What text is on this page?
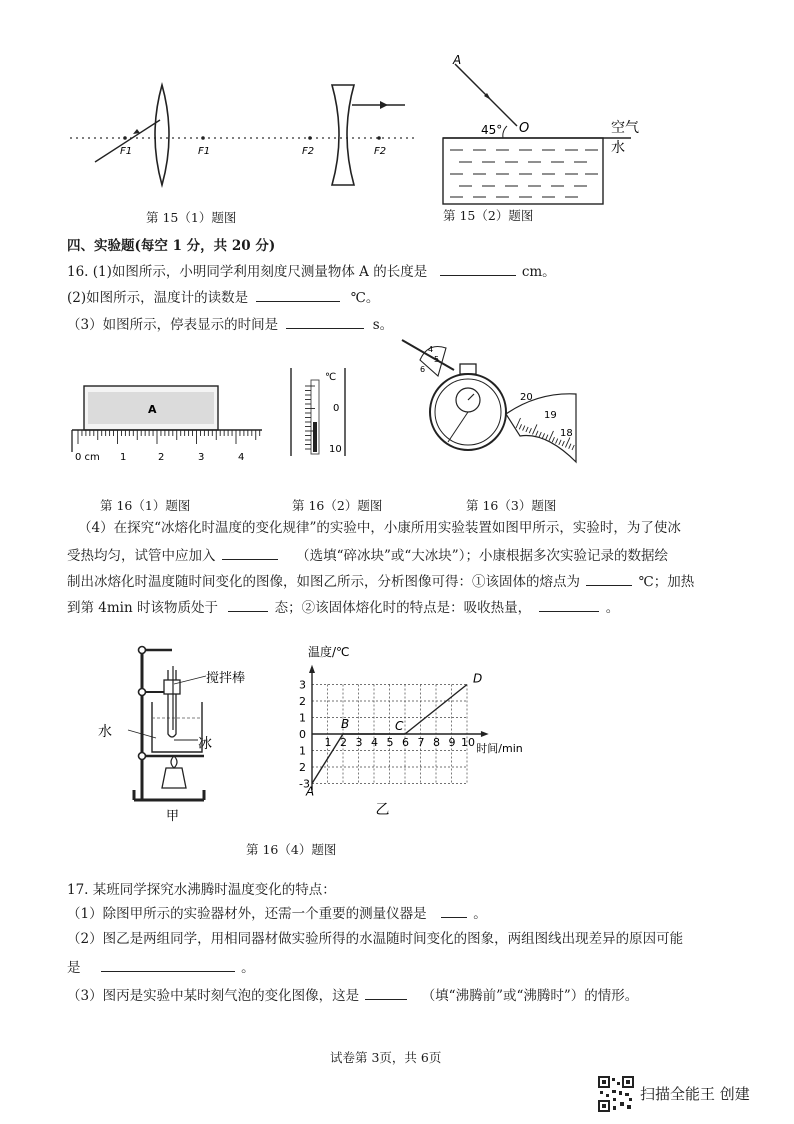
F1	F1	F2	F2
第 15（1）题图
A
45° O	空气
水
第 15（2）题图
四、实验题(每空 1 分，共 20 分)
16. (1)如图所示，小明同学利用刻度尺测量物体 A 的长度是	cm。
(2)如图所示，温度计的读数是	℃。
（3）如图所示，停表显示的时间是	s。
A
0 cm 1	2	3	4
℃
0
10
4
5
6
20
19
18
第 16（1）题图	第 16（2）题图	第 16（3）题图
（4）在探究“冰熔化时温度的变化规律”的实验中，小康所用实验装置如图甲所示，实验时，为了使冰
受热均匀，试管中应加入	（选填“碎冰块”或“大冰块”）；小康根据多次实验记录的数据绘
制出冰熔化时温度随时间变化的图像，如图乙所示，分析图像可得：①该固体的熔点为	℃；加热
到第 4min 时该物质处于	态；②该固体熔化时的特点是：吸收热量，	。
搅拌棒
水
冰
甲
1 2 3 4 5 6 7 8 9 10
3
2
1
1
2
-3
0
A
B	C
D
温度/℃
时间/min
乙
第 16（4）题图
17. 某班同学探究水沸腾时温度变化的特点：
（1）除图甲所示的实验器材外，还需一个重要的测量仪器是	。
（2）图乙是两组同学，用相同器材做实验所得的水温随时间变化的图象，两组图线出现差异的原因可能
是	。
（3）图丙是实验中某时刻气泡的变化图像，这是	（填“沸腾前”或“沸腾时”）的情形。
试卷第 3页，共 6页
扫描全能王 创建
